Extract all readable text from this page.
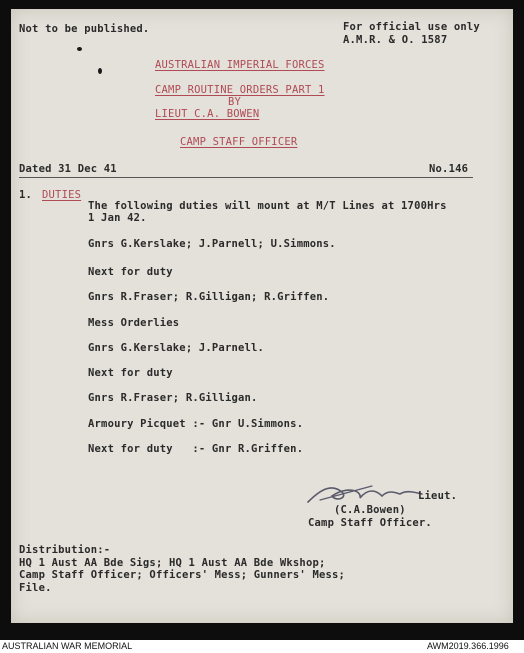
Not to be published.	For official use only
A.M.R. & O. 1587
AUSTRALIAN IMPERIAL FORCES
CAMP ROUTINE ORDERS PART 1
BY
LIEUT C.A. BOWEN
CAMP STAFF OFFICER
Dated 31 Dec 41	No.146
1. DUTIES
The following duties will mount at M/T Lines at 1700Hrs
1 Jan 42.
Gnrs G.Kerslake; J.Parnell; U.Simmons.
Next for duty
Gnrs R.Fraser; R.Gilligan; R.Griffen.
Mess Orderlies
Gnrs G.Kerslake; J.Parnell.
Next for duty
Gnrs R.Fraser; R.Gilligan.
Armoury Picquet :- Gnr U.Simmons.
Next for duty   :- Gnr R.Griffen.
Lieut.
(C.A.Bowen)
Camp Staff Officer.
Distribution:-
HQ 1 Aust AA Bde Sigs; HQ 1 Aust AA Bde Wkshop;
Camp Staff Officer; Officers' Mess; Gunners' Mess;
File.
AUSTRALIAN WAR MEMORIAL	AWM2019.366.1996
